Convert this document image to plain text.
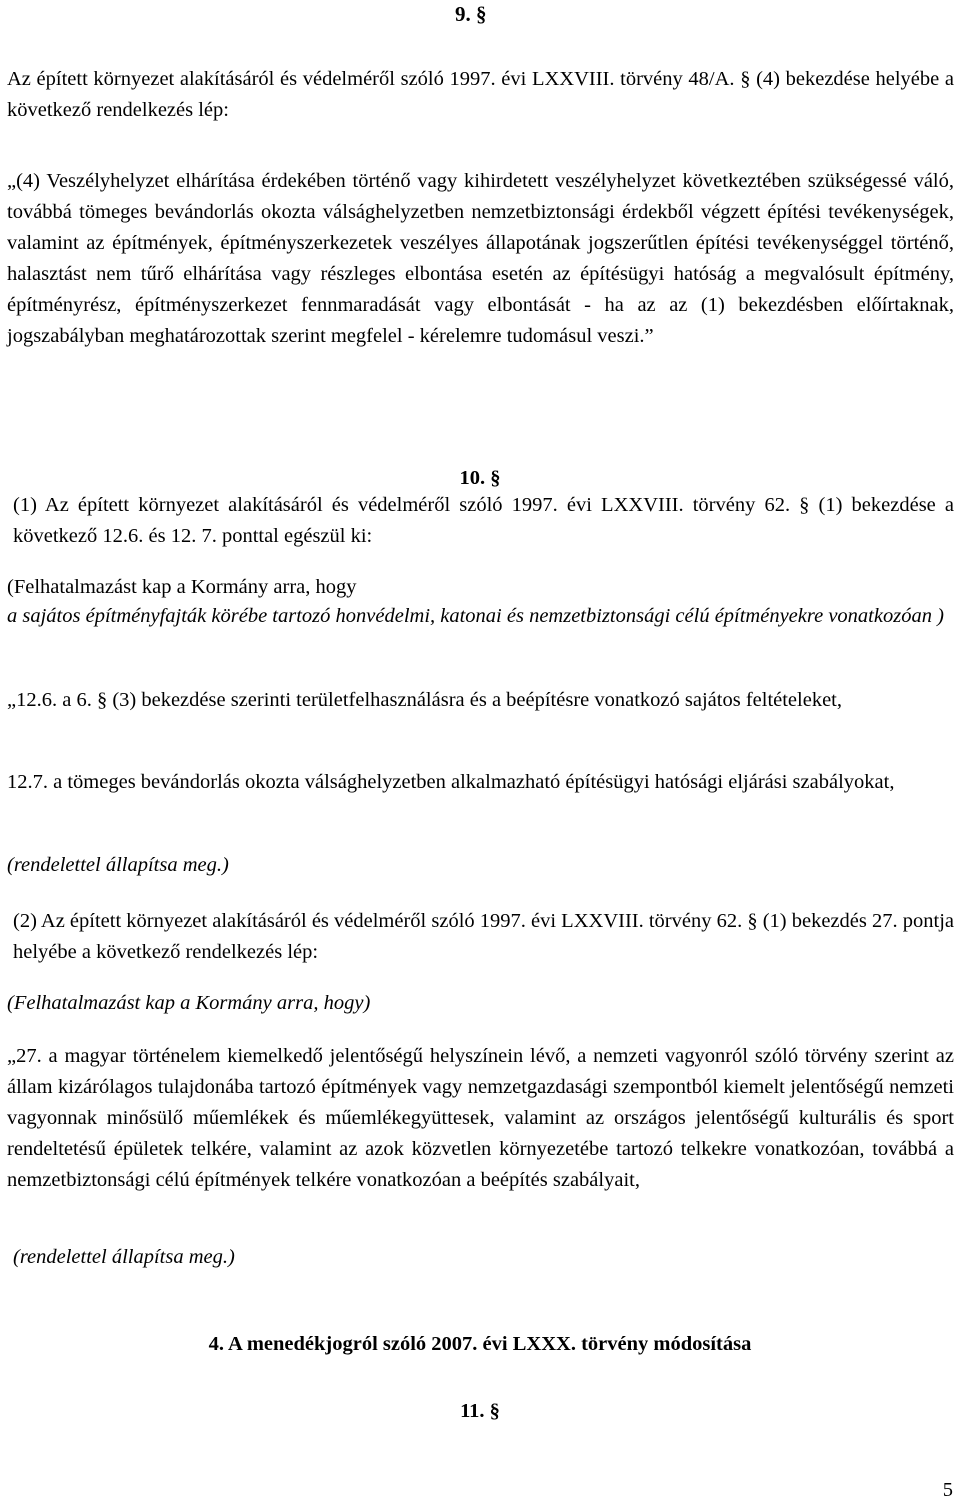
9. §

Az épített környezet alakításáról és védelméről szóló 1997. évi LXXVIII. törvény 48/A. § (4) bekezdése helyébe a következő rendelkezés lép:

„(4) Veszélyhelyzet elhárítása érdekében történő vagy kihirdetett veszélyhelyzet következtében szükségessé váló, továbbá tömeges bevándorlás okozta válsághelyzetben nemzetbiztonsági érdekből végzett építési tevékenységek, valamint az építmények, építményszerkezetek veszélyes állapotának jogszerűtlen építési tevékenységgel történő, halasztást nem tűrő elhárítása vagy részleges elbontása esetén az építésügyi hatóság a megvalósult építmény, építményrész, építményszerkezet fennmaradását vagy elbontását - ha az az (1) bekezdésben előírtaknak, jogszabályban meghatározottak szerint megfelel - kérelemre tudomásul veszi.”

10. §

(1) Az épített környezet alakításáról és védelméről szóló 1997. évi LXXVIII. törvény 62. § (1) bekezdése a következő 12.6. és 12. 7. ponttal egészül ki:

(Felhatalmazást kap a Kormány arra, hogy

a sajátos építményfajták körébe tartozó honvédelmi, katonai és nemzetbiztonsági célú építményekre vonatkozóan )

„12.6. a 6. § (3) bekezdése szerinti területfelhasználásra és a beépítésre vonatkozó sajátos feltételeket,

12.7. a tömeges bevándorlás okozta válsághelyzetben alkalmazható építésügyi hatósági eljárási szabályokat,

(rendelettel állapítsa meg.)

(2) Az épített környezet alakításáról és védelméről szóló 1997. évi LXXVIII. törvény 62. § (1) bekezdés 27. pontja helyébe a következő rendelkezés lép:

(Felhatalmazást kap a Kormány arra, hogy)

„27. a magyar történelem kiemelkedő jelentőségű helyszínein lévő, a nemzeti vagyonról szóló törvény szerint az állam kizárólagos tulajdonába tartozó építmények vagy nemzetgazdasági szempontból kiemelt jelentőségű nemzeti vagyonnak minősülő műemlékek és műemlékegyüttesek, valamint az országos jelentőségű kulturális és sport rendeltetésű épületek telkére, valamint az azok közvetlen környezetébe tartozó telkekre vonatkozóan, továbbá a nemzetbiztonsági célú építmények telkére vonatkozóan a beépítés szabályait,

(rendelettel állapítsa meg.)

4. A menedékjogról szóló 2007. évi LXXX. törvény módosítása
11. §
5
